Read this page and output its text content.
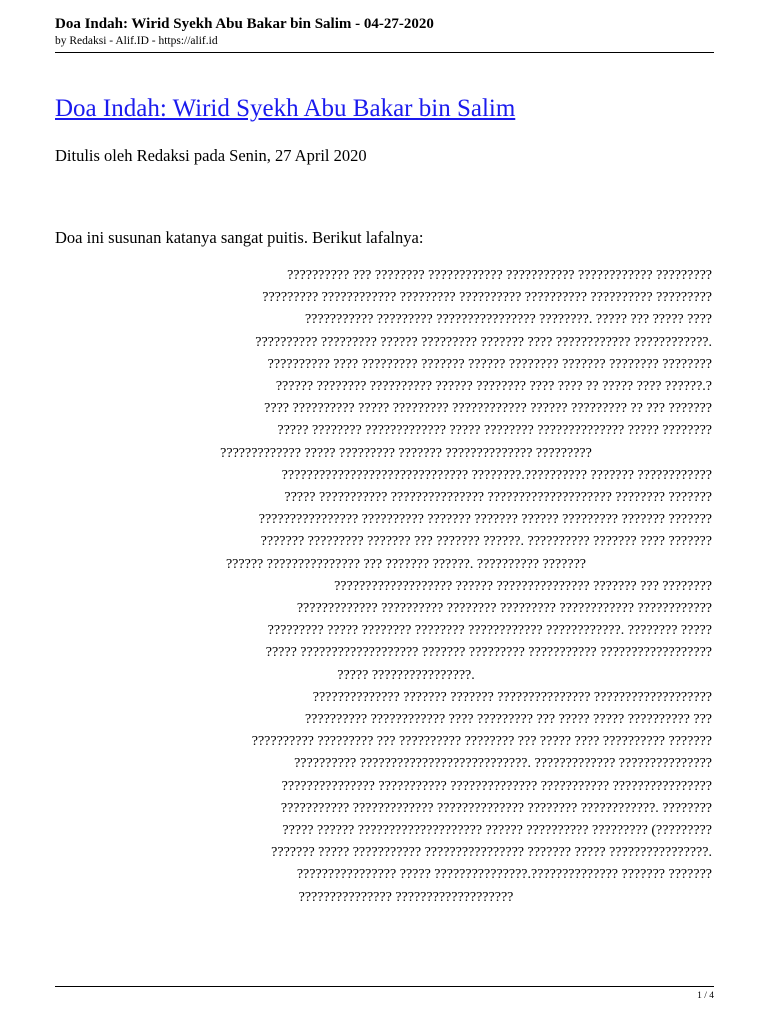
Doa Indah: Wirid Syekh Abu Bakar bin Salim - 04-27-2020
by Redaksi - Alif.ID - https://alif.id
Doa Indah: Wirid Syekh Abu Bakar bin Salim
Ditulis oleh Redaksi pada Senin, 27 April 2020
Doa ini susunan katanya sangat puitis. Berikut lafalnya:
?????????? ??? ???????? ???????????? ??????????? ???????????? ?????????
????????? ???????????? ????????? ?????????? ?????????? ?????????? ?????????
??????????? ????????? ???????????????? ????????. ????? ??? ????? ????
?????????? ????????? ?????? ????????? ??????? ???? ???????????? ????????????.
?????????? ???? ????????? ??????? ?????? ???????? ??????? ???????? ????????
?????? ???????? ?????????? ?????? ???????? ???? ???? ?? ????? ???? ??????.?
???? ?????????? ????? ????????? ???????????? ?????? ????????? ?? ??? ???????
????? ???????? ????????????? ????? ???????? ?????????????? ????? ????????
????????????? ????? ????????? ??????? ?????????????? ?????????
?????????????????????????????? ????????.?????????? ??????? ????????????
????? ??????????? ??????????????? ???????????????????? ???????? ???????
???????????????? ?????????? ??????? ??????? ?????? ????????? ??????? ???????
??????? ????????? ??????? ??? ??????? ??????. ?????????? ??????? ???? ???????
?????? ??????????????? ??? ??????? ??????. ?????????? ???????
??????????????????? ?????? ??????????????? ??????? ??? ????????
????????????? ?????????? ???????? ????????? ???????????? ????????????
????????? ????? ???????? ???????? ???????????? ????????????. ???????? ?????
????? ??????????????????? ??????? ????????? ??????????? ??????????????????
????? ????????????????.
?????????????? ??????? ??????? ??????????????? ???????????????????
?????????? ???????????? ???? ????????? ??? ????? ????? ?????????? ???
?????????? ????????? ??? ?????????? ???????? ??? ????? ???? ?????????? ???????
?????????? ???????????????????????????. ????????????? ???????????????
??????????????? ??????????? ?????????????? ??????????? ????????????????
??????????? ????????????? ?????????????? ???????? ????????????. ????????
????? ?????? ???????????????????? ?????? ?????????? ????????? (?????????
??????? ????? ??????????? ???????????????? ??????? ????? ????????????????.
???????????????? ????? ???????????????.?????????????? ??????? ???????
??????????????? ???????????????????
1 / 4
